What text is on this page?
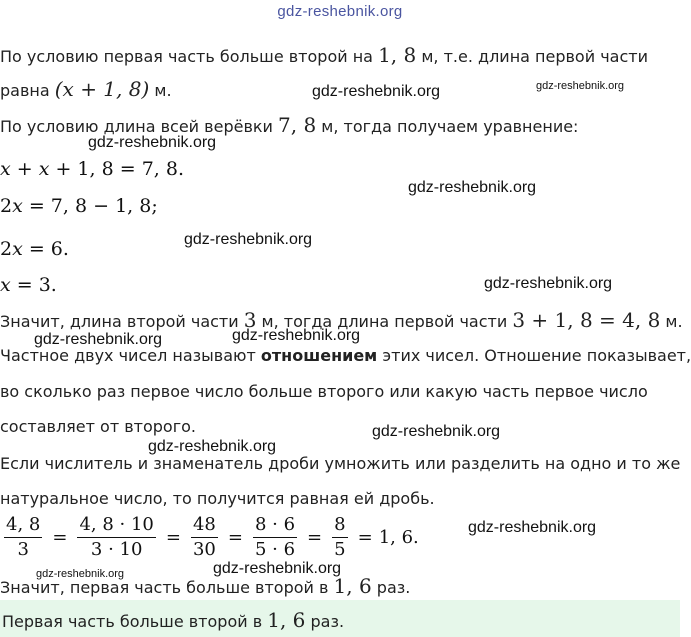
gdz-reshebnik.org
По условию первая часть больше второй на 1, 8 м, т.е. длина первой части
равна (x + 1, 8) м.
По условию длина всей верёвки 7, 8 м, тогда получаем уравнение:
x + x + 1, 8 = 7, 8.
2x = 7, 8 − 1, 8;
2x = 6.
x = 3.
Значит, длина второй части 3 м, тогда длина первой части 3 + 1, 8 = 4, 8 м.
Частное двух чисел называют отношением этих чисел. Отношение показывает,
во сколько раз первое число больше второго или какую часть первое число
составляет от второго.
Если числитель и знаменатель дроби умножить или разделить на одно и то же
натуральное число, то получится равная ей дробь.
$\frac{4, 8}{3} = \frac{4, 8 \cdot 10}{3 \cdot 10} = \frac{48}{30} = \frac{8 \cdot 6}{5 \cdot 6} = \frac{8}{5} = 1$, 6.
Значит, первая часть больше второй в 1, 6 раз.
Первая часть больше второй в 1, 6 раз.
gdz-reshebnik.org	gdz-reshebnik.org
gdz-reshebnik.org
gdz-reshebnik.org
gdz-reshebnik.org
gdz-reshebnik.org
gdz-reshebnik.org
gdz-reshebnik.org
gdz-reshebnik.org
gdz-reshebnik.org
gdz-reshebnik.org
gdz-reshebnik.org
gdz-reshebnik.org
